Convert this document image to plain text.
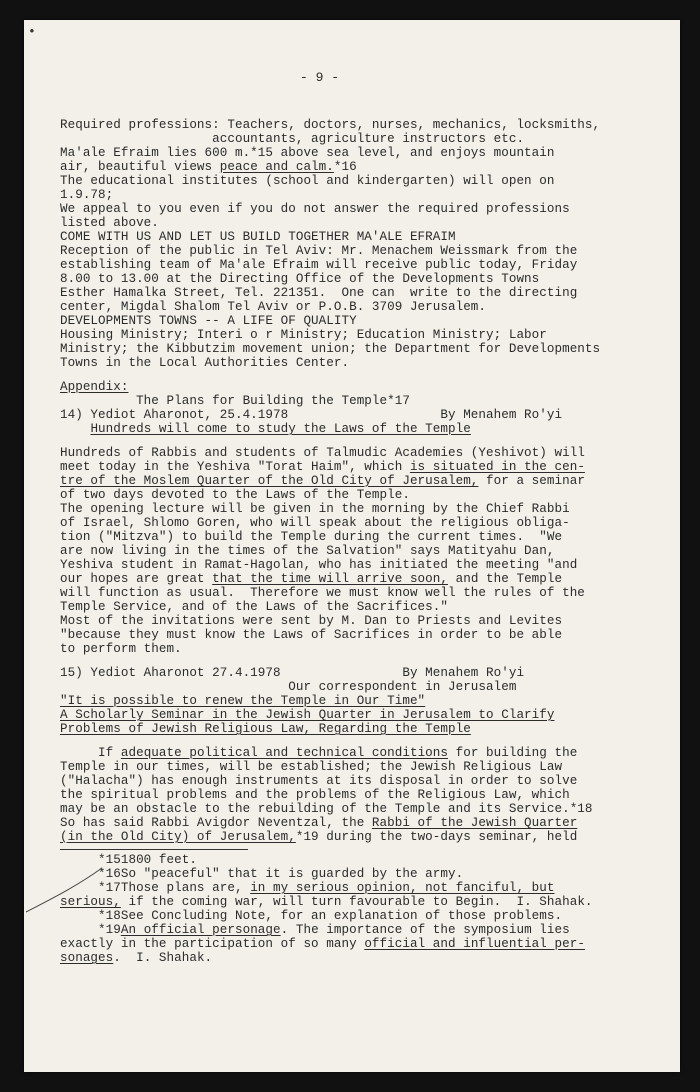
•
- 9 -
Required professions: Teachers, doctors, nurses, mechanics, locksmiths,
accountants, agriculture instructors etc.
Ma'ale Efraim lies 600 m.*15 above sea level, and enjoys mountain
air, beautiful views peace and calm.*16
The educational institutes (school and kindergarten) will open on
1.9.78;
We appeal to you even if you do not answer the required professions
listed above.
COME WITH US AND LET US BUILD TOGETHER MA'ALE EFRAIM
Reception of the public in Tel Aviv: Mr. Menachem Weissmark from the
establishing team of Ma'ale Efraim will receive public today, Friday
8.00 to 13.00 at the Directing Office of the Developments Towns
Esther Hamalka Street, Tel. 221351.  One can  write to the directing
center, Migdal Shalom Tel Aviv or P.O.B. 3709 Jerusalem.
DEVELOPMENTS TOWNS -- A LIFE OF QUALITY
Housing Ministry; Interi o r Ministry; Education Ministry; Labor
Ministry; the Kibbutzim movement union; the Department for Developments
Towns in the Local Authorities Center.
Appendix:
The Plans for Building the Temple*17
14) Yediot Aharonot, 25.4.1978                    By Menahem Ro'yi
Hundreds will come to study the Laws of the Temple
Hundreds of Rabbis and students of Talmudic Academies (Yeshivot) will
meet today in the Yeshiva "Torat Haim", which is situated in the cen-
tre of the Moslem Quarter of the Old City of Jerusalem, for a seminar
of two days devoted to the Laws of the Temple.
The opening lecture will be given in the morning by the Chief Rabbi
of Israel, Shlomo Goren, who will speak about the religious obliga-
tion ("Mitzva") to build the Temple during the current times.  "We
are now living in the times of the Salvation" says Matityahu Dan,
Yeshiva student in Ramat-Hagolan, who has initiated the meeting "and
our hopes are great that the time will arrive soon, and the Temple
will function as usual.  Therefore we must know well the rules of the
Temple Service, and of the Laws of the Sacrifices."
Most of the invitations were sent by M. Dan to Priests and Levites
"because they must know the Laws of Sacrifices in order to be able
to perform them.
15) Yediot Aharonot 27.4.1978                By Menahem Ro'yi
Our correspondent in Jerusalem
"It is possible to renew the Temple in Our Time"
A Scholarly Seminar in the Jewish Quarter in Jerusalem to Clarify
Problems of Jewish Religious Law, Regarding the Temple
If adequate political and technical conditions for building the
Temple in our times, will be established; the Jewish Religious Law
("Halacha") has enough instruments at its disposal in order to solve
the spiritual problems and the problems of the Religious Law, which
may be an obstacle to the rebuilding of the Temple and its Service.*18
So has said Rabbi Avigdor Neventzal, the Rabbi of the Jewish Quarter
(in the Old City) of Jerusalem,*19 during the two-days seminar, held
*151800 feet.
*16So "peaceful" that it is guarded by the army.
*17Those plans are, in my serious opinion, not fanciful, but
serious, if the coming war, will turn favourable to Begin.  I. Shahak.
*18See Concluding Note, for an explanation of those problems.
*19An official personage. The importance of the symposium lies
exactly in the participation of so many official and influential per-
sonages.  I. Shahak.
